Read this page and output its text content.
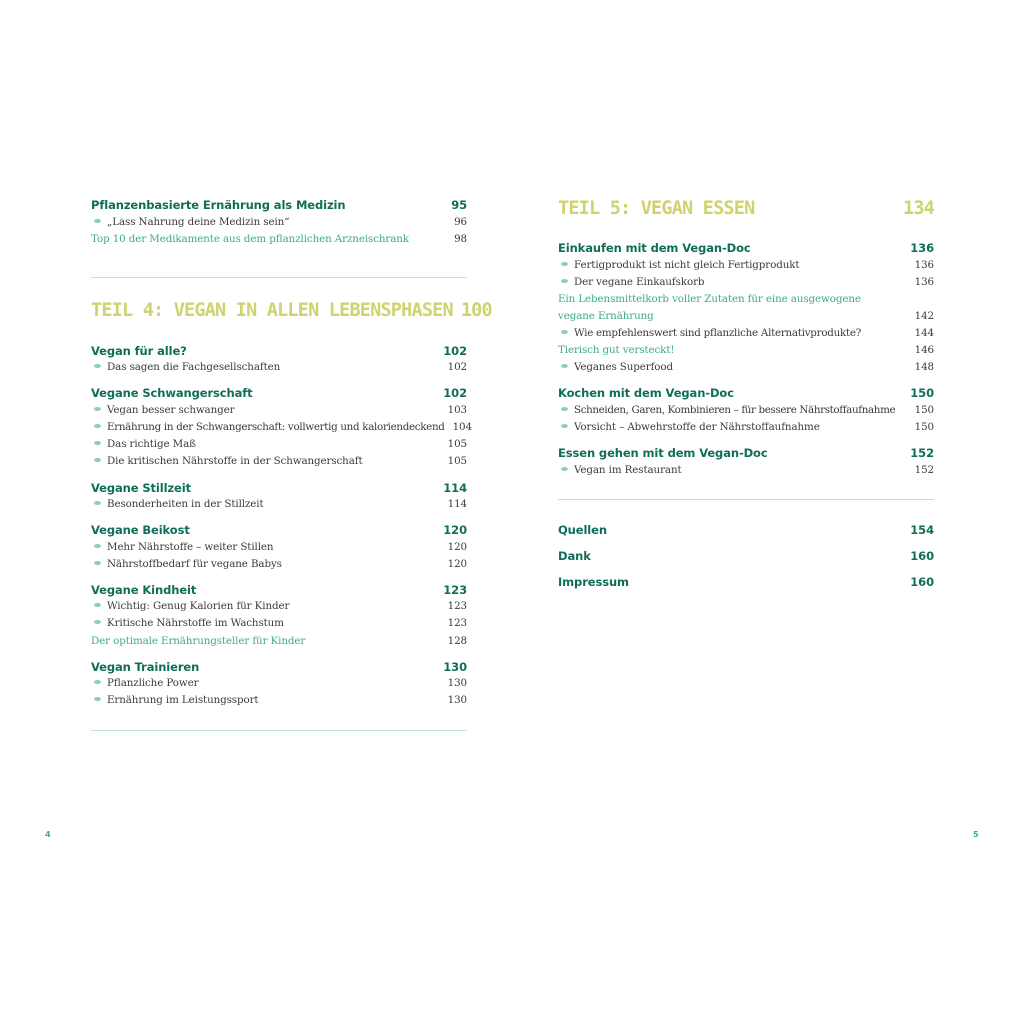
Pflanzenbasierte Ernährung als Medizin	95
„Lass Nahrung deine Medizin sein“	96
Top 10 der Medikamente aus dem pflanzlichen Arzneischrank	98
TEIL 4: VEGAN IN ALLEN LEBENSPHASEN 100
Vegan für alle?	102
Das sagen die Fachgesellschaften	102
Vegane Schwangerschaft	102
Vegan besser schwanger	103
Ernährung in der Schwangerschaft: vollwertig und kaloriendeckend 104
Das richtige Maß	105
Die kritischen Nährstoffe in der Schwangerschaft	105
Vegane Stillzeit	114
Besonderheiten in der Stillzeit	114
Vegane Beikost	120
Mehr Nährstoffe – weiter Stillen	120
Nährstoffbedarf für vegane Babys	120
Vegane Kindheit	123
Wichtig: Genug Kalorien für Kinder	123
Kritische Nährstoffe im Wachstum	123
Der optimale Ernährungsteller für Kinder	128
Vegan Trainieren	130
Pflanzliche Power	130
Ernährung im Leistungssport	130
TEIL 5: VEGAN ESSEN	134
Einkaufen mit dem Vegan-Doc	136
Fertigprodukt ist nicht gleich Fertigprodukt	136
Der vegane Einkaufskorb	136
Ein Lebensmittelkorb voller Zutaten für eine ausgewogene
vegane Ernährung	142
Wie empfehlenswert sind pflanzliche Alternativprodukte?	144
Tierisch gut versteckt!	146
Veganes Superfood	148
Kochen mit dem Vegan-Doc	150
Schneiden, Garen, Kombinieren – für bessere Nährstoffaufnahme 150
Vorsicht – Abwehrstoffe der Nährstoffaufnahme	150
Essen gehen mit dem Vegan-Doc	152
Vegan im Restaurant	152
Quellen	154
Dank	160
Impressum	160
4	5
